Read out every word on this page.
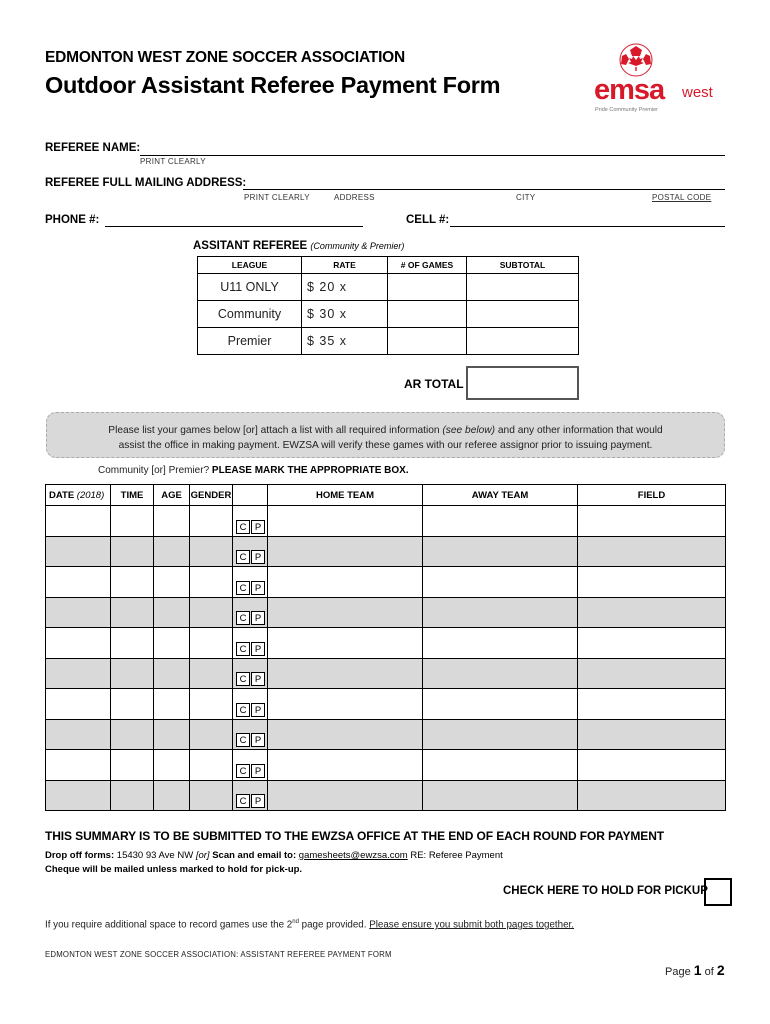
EDMONTON WEST ZONE SOCCER ASSOCIATION
Outdoor Assistant Referee Payment Form	emsa west
Pride Community Premier
REFEREE NAME:
PRINT CLEARLY
REFEREE FULL MAILING ADDRESS:
PRINT CLEARLY	ADDRESS	CITY	POSTAL CODE
PHONE #:	CELL #:
ASSITANT REFEREE (Community & Premier)
LEAGUE	RATE	# OF GAMES	SUBTOTAL
U11 ONLY	$ 20 x		
Community	$ 30 x		
Premier	$ 35 x		
AR TOTAL
Please list your games below [or] attach a list with all required information (see below) and any other information that would
assist the office in making payment. EWZSA will verify these games with our referee assignor prior to issuing payment.
Community [or] Premier? PLEASE MARK THE APPROPRIATE BOX.
DATE (2018)	TIME	AGE	GENDER		HOME TEAM	AWAY TEAM	FIELD
				C P			
				C P			
				C P			
				C P			
				C P			
				C P			
				C P			
				C P			
				C P			
				C P			
THIS SUMMARY IS TO BE SUBMITTED TO THE EWZSA OFFICE AT THE END OF EACH ROUND FOR PAYMENT
Drop off forms: 15430 93 Ave NW [or] Scan and email to: gamesheets@ewzsa.com RE: Referee Payment
Cheque will be mailed unless marked to hold for pick-up.
CHECK HERE TO HOLD FOR PICKUP
If you require additional space to record games use the 2nd page provided. Please ensure you submit both pages together.
EDMONTON WEST ZONE SOCCER ASSOCIATION: ASSISTANT REFEREE PAYMENT FORM
Page 1 of 2
